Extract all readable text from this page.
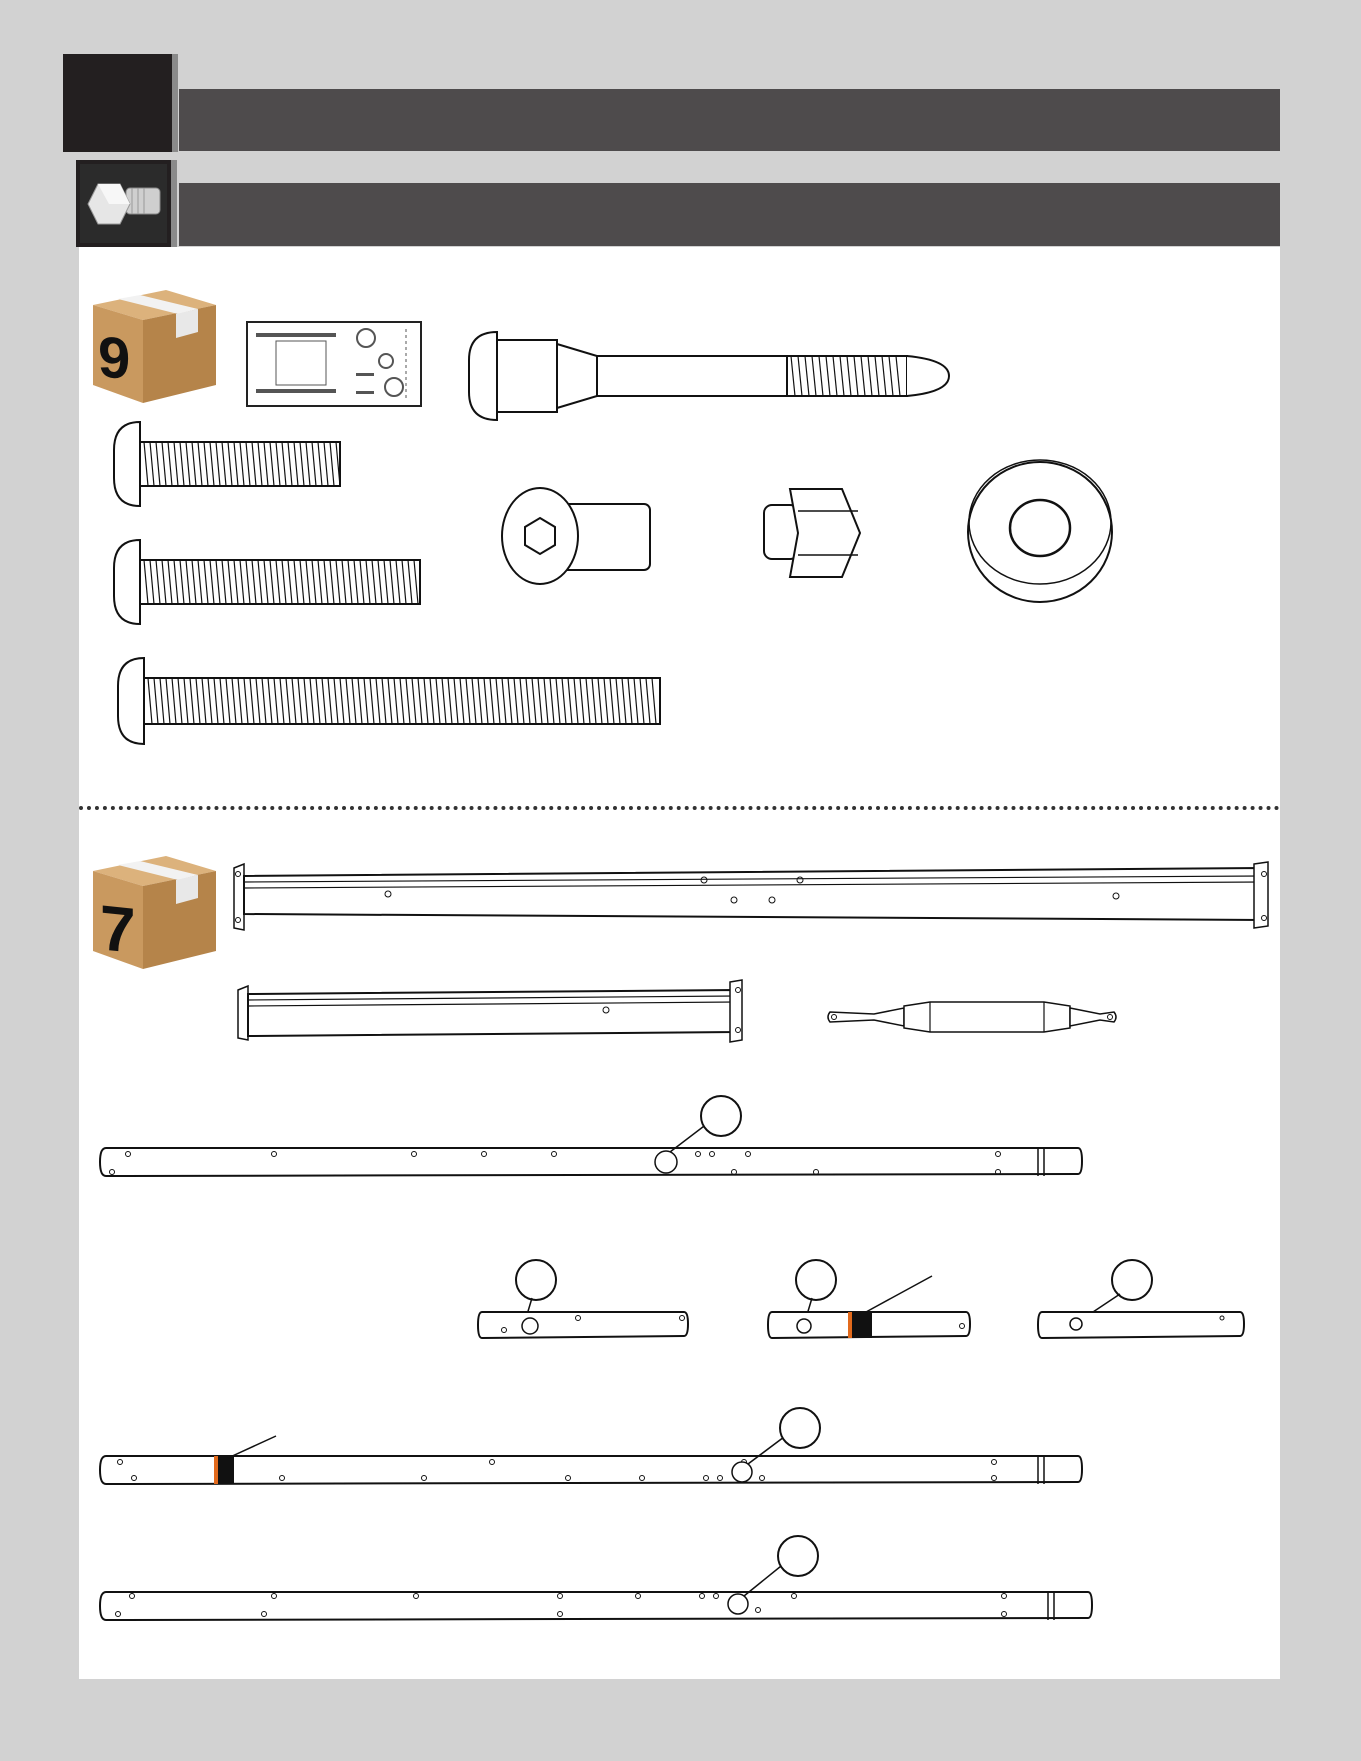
9
7
